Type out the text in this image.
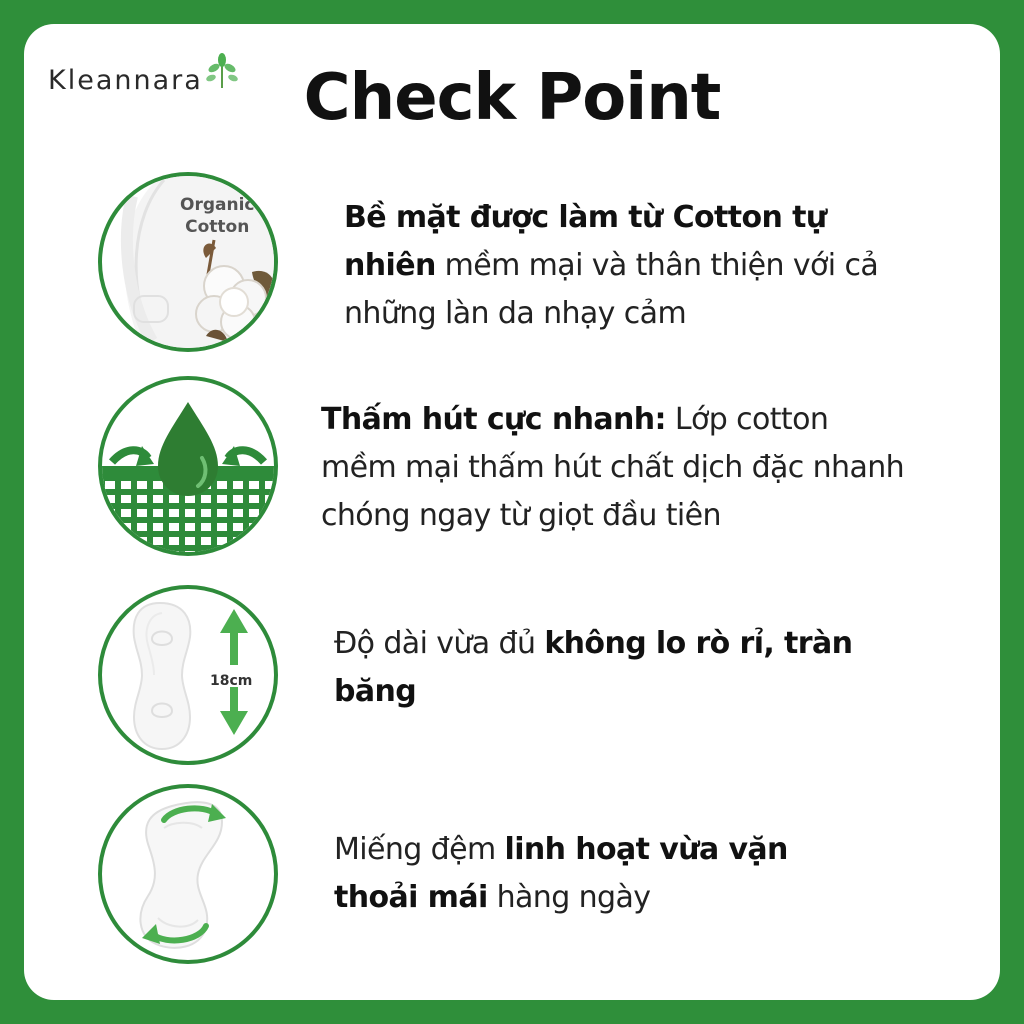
Kleannara	Check Point
Organic
Cotton	Bề mặt được làm từ Cotton tự nhiên mềm mại và thân thiện với cả những làn da nhạy cảm
Thấm hút cực nhanh: Lớp cotton mềm mại thấm hút chất dịch đặc nhanh chóng ngay từ giọt đầu tiên
18cm
Độ dài vừa đủ không lo rò rỉ, tràn băng
Miếng đệm linh hoạt vừa vặn thoải mái hàng ngày
